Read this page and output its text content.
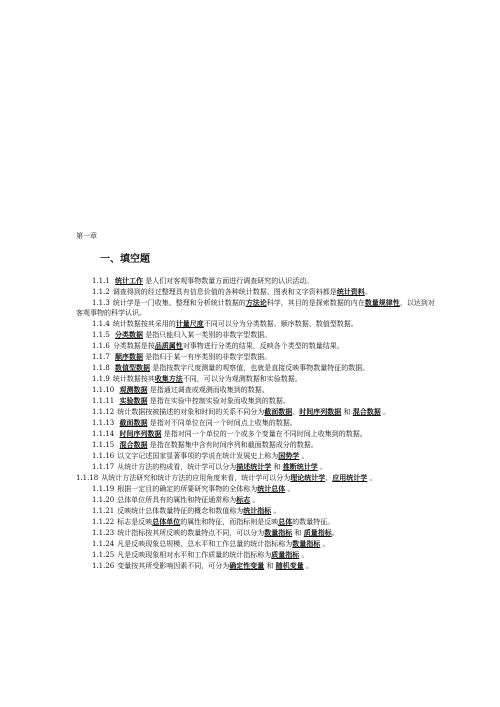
第一章
一、填空题
1.1.1 统计工作 是人们对客观事物数量方面进行调查研究的认识活动。
1.1.2 调查得到的经过整理具有信息价值的各种统计数据、图表和文字资料都是统计资料。
1.1.3 统计学是一门收集、整理和分析统计数据的方法论科学，其目的是探索数据的内在数量规律性，以达到对客观事物的科学认识。
1.1.4 统计数据按其采用的计量尺度不同可以分为分类数据、顺序数据、数值型数据。
1.1.5 分类数据 是指只能归入某一类别的非数字型数据。
1.1.6 分类数据是按品质属性对事物进行分类的结果，反映各个类型的数量结果。
1.1.7 顺序数据 是指归于某一有序类别的非数字型数据。
1.1.8 数值型数据 是指按数字尺度测量的观察值，也就是直接反映事物数量特征的数据。
1.1.9 统计数据按其收集方法不同，可以分为观测数据和实验数据。
1.1.10 观测数据 是指通过调查或观测而收集到的数据。
1.1.11 实验数据 是指在实验中控制实验对象而收集到的数据。
1.1.12 统计数据按被描述的对象和时间的关系不同分为截面数据、时间序列数据 和 混合数据 。
1.1.13 截面数据 是指对不同单位在同一个时间点上收集的数据。
1.1.14 时间序列数据 是指对同一个单位的一个或多个变量在不同时间上收集到的数据。
1.1.15 混合数据 是指在数据集中含有时间序列和截面数据成分的数据。
1.1.16 以文字记述国家显著事项的学说在统计发展史上称为国势学 。
1.1.17 从统计方法的构成看，统计学可以分为描述统计学 和 推断统计学 。
1.1.18 从统计方法研究和统计方法的应用角度来看，统计学可以分为理论统计学、应用统计学 。
1.1.19 根据一定目的确定的所要研究事物的全体称为统计总体 。
1.1.20 总体单位所具有的属性和特征通常称为标志 。
1.1.21 反映统计总体数量特征的概念和数值称为统计指标 。
1.1.22 标志是反映总体单位的属性和特征，而指标则是反映总体的数量特征。
1.1.23 统计指标按其所反映的数量特点不同，可以分为数量指标 和 质量指标。
1.1.24 凡是反映现象总规模、总水平和工作总量的统计指标称为数量指标 。
1.1.25 凡是反映现象相对水平和工作质量的统计指标称为质量指标 。
1.1.26 变量按其所受影响因素不同，可分为确定性变量 和 随机变量 。
